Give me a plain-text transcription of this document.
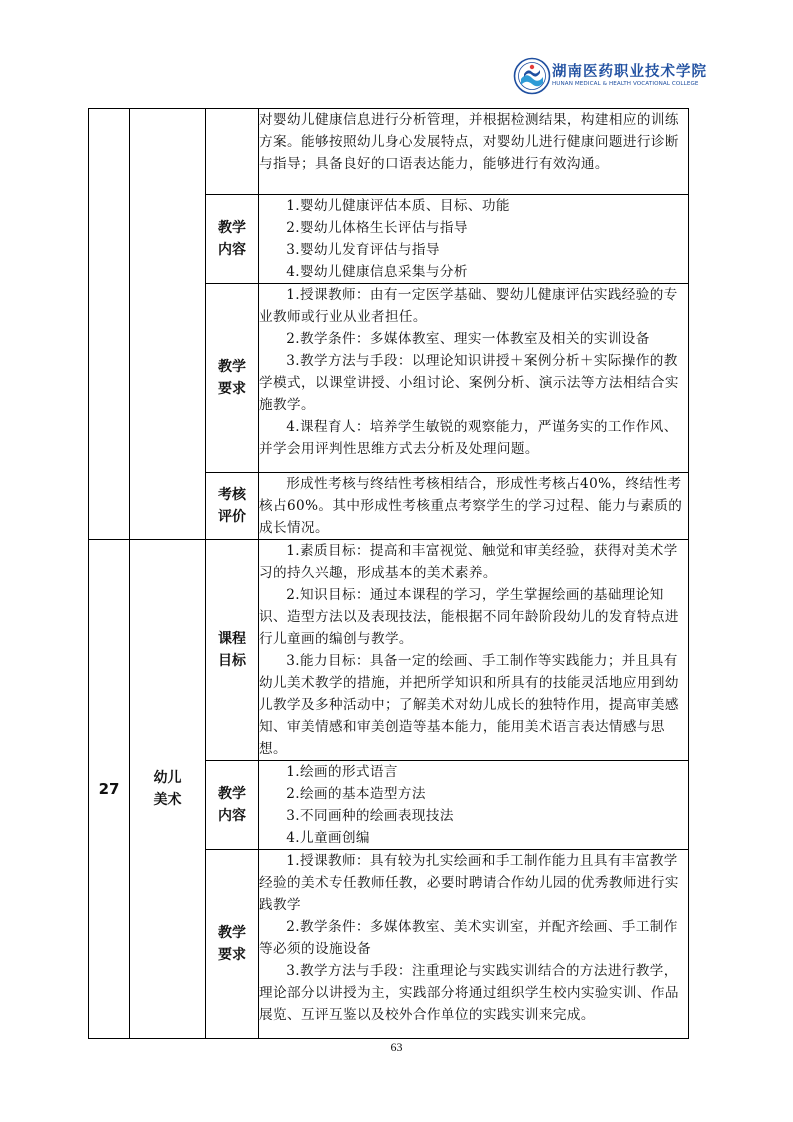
湖南医药职业技术学院
HUNAN MEDICAL & HEALTH VOCATIONAL COLLEGE

			对婴幼儿健康信息进行分析管理，并根据检测结果，构建相应的训练方案。能够按照幼儿身心发展特点，对婴幼儿进行健康问题进行诊断与指导；具备良好的口语表达能力，能够进行有效沟通。

		教学内容	1.婴幼儿健康评估本质、目标、功能

2.婴幼儿体格生长评估与指导

3.婴幼儿发育评估与指导

4.婴幼儿健康信息采集与分析

		教学要求	1.授课教师：由有一定医学基础、婴幼儿健康评估实践经验的专业教师或行业从业者担任。

2.教学条件：多媒体教室、理实一体教室及相关的实训设备

3.教学方法与手段：以理论知识讲授＋案例分析＋实际操作的教学模式，以课堂讲授、小组讨论、案例分析、演示法等方法相结合实施教学。

4.课程育人：培养学生敏锐的观察能力，严谨务实的工作作风、并学会用评判性思维方式去分析及处理问题。

		考核评价	形成性考核与终结性考核相结合，形成性考核占40%，终结性考核占60%。其中形成性考核重点考察学生的学习过程、能力与素质的成长情况。

27	幼儿美术	课程目标	1.素质目标：提高和丰富视觉、触觉和审美经验，获得对美术学习的持久兴趣，形成基本的美术素养。

2.知识目标：通过本课程的学习，学生掌握绘画的基础理论知识、造型方法以及表现技法，能根据不同年龄阶段幼儿的发育特点进行儿童画的编创与教学。

3.能力目标：具备一定的绘画、手工制作等实践能力；并且具有幼儿美术教学的措施，并把所学知识和所具有的技能灵活地应用到幼儿教学及多种活动中；了解美术对幼儿成长的独特作用，提高审美感知、审美情感和审美创造等基本能力，能用美术语言表达情感与思想。

		教学内容	1.绘画的形式语言

2.绘画的基本造型方法

3.不同画种的绘画表现技法

4.儿童画创编

		教学要求	1.授课教师：具有较为扎实绘画和手工制作能力且具有丰富教学经验的美术专任教师任教，必要时聘请合作幼儿园的优秀教师进行实践教学

2.教学条件：多媒体教室、美术实训室，并配齐绘画、手工制作等必须的设施设备

3.教学方法与手段：注重理论与实践实训结合的方法进行教学，理论部分以讲授为主，实践部分将通过组织学生校内实验实训、作品展览、互评互鉴以及校外合作单位的实践实训来完成。

63
